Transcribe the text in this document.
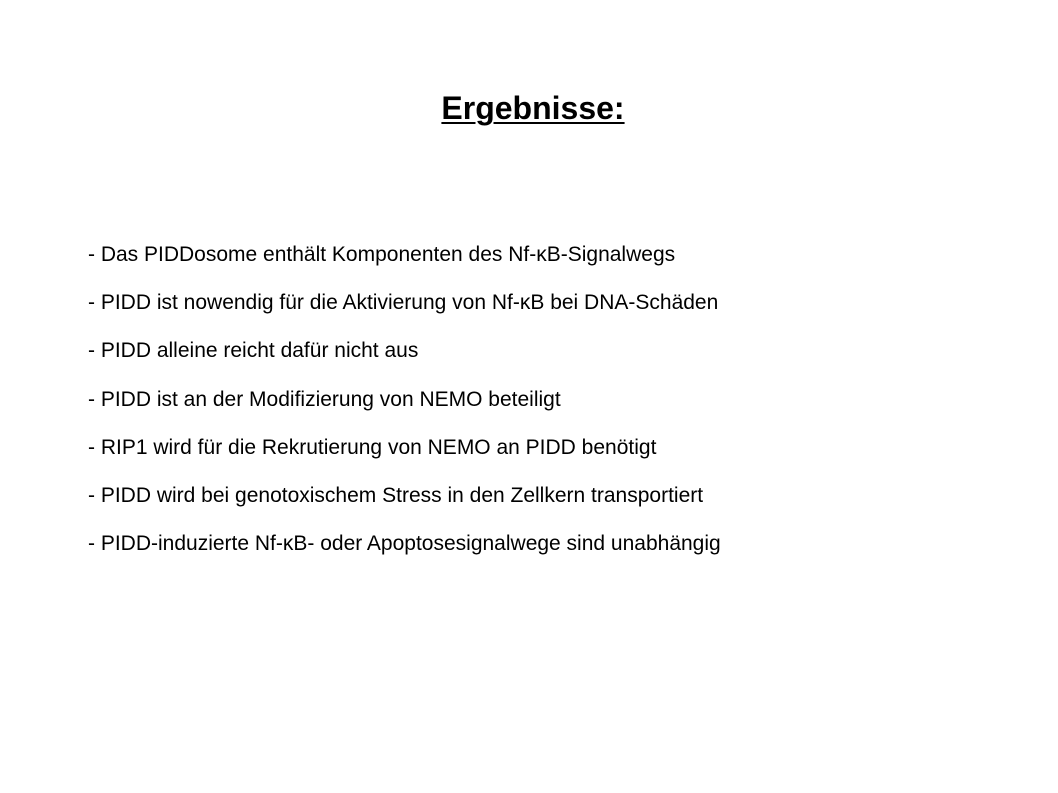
Ergebnisse:
- Das PIDDosome enthält Komponenten des Nf-κB-Signalwegs
- PIDD ist nowendig für die Aktivierung von Nf-κB bei DNA-Schäden
- PIDD alleine reicht dafür nicht aus
- PIDD ist an der Modifizierung von NEMO beteiligt
- RIP1 wird für die Rekrutierung von NEMO an PIDD benötigt
- PIDD wird bei genotoxischem Stress in den Zellkern transportiert
- PIDD-induzierte Nf-κB- oder Apoptosesignalwege sind unabhängig
